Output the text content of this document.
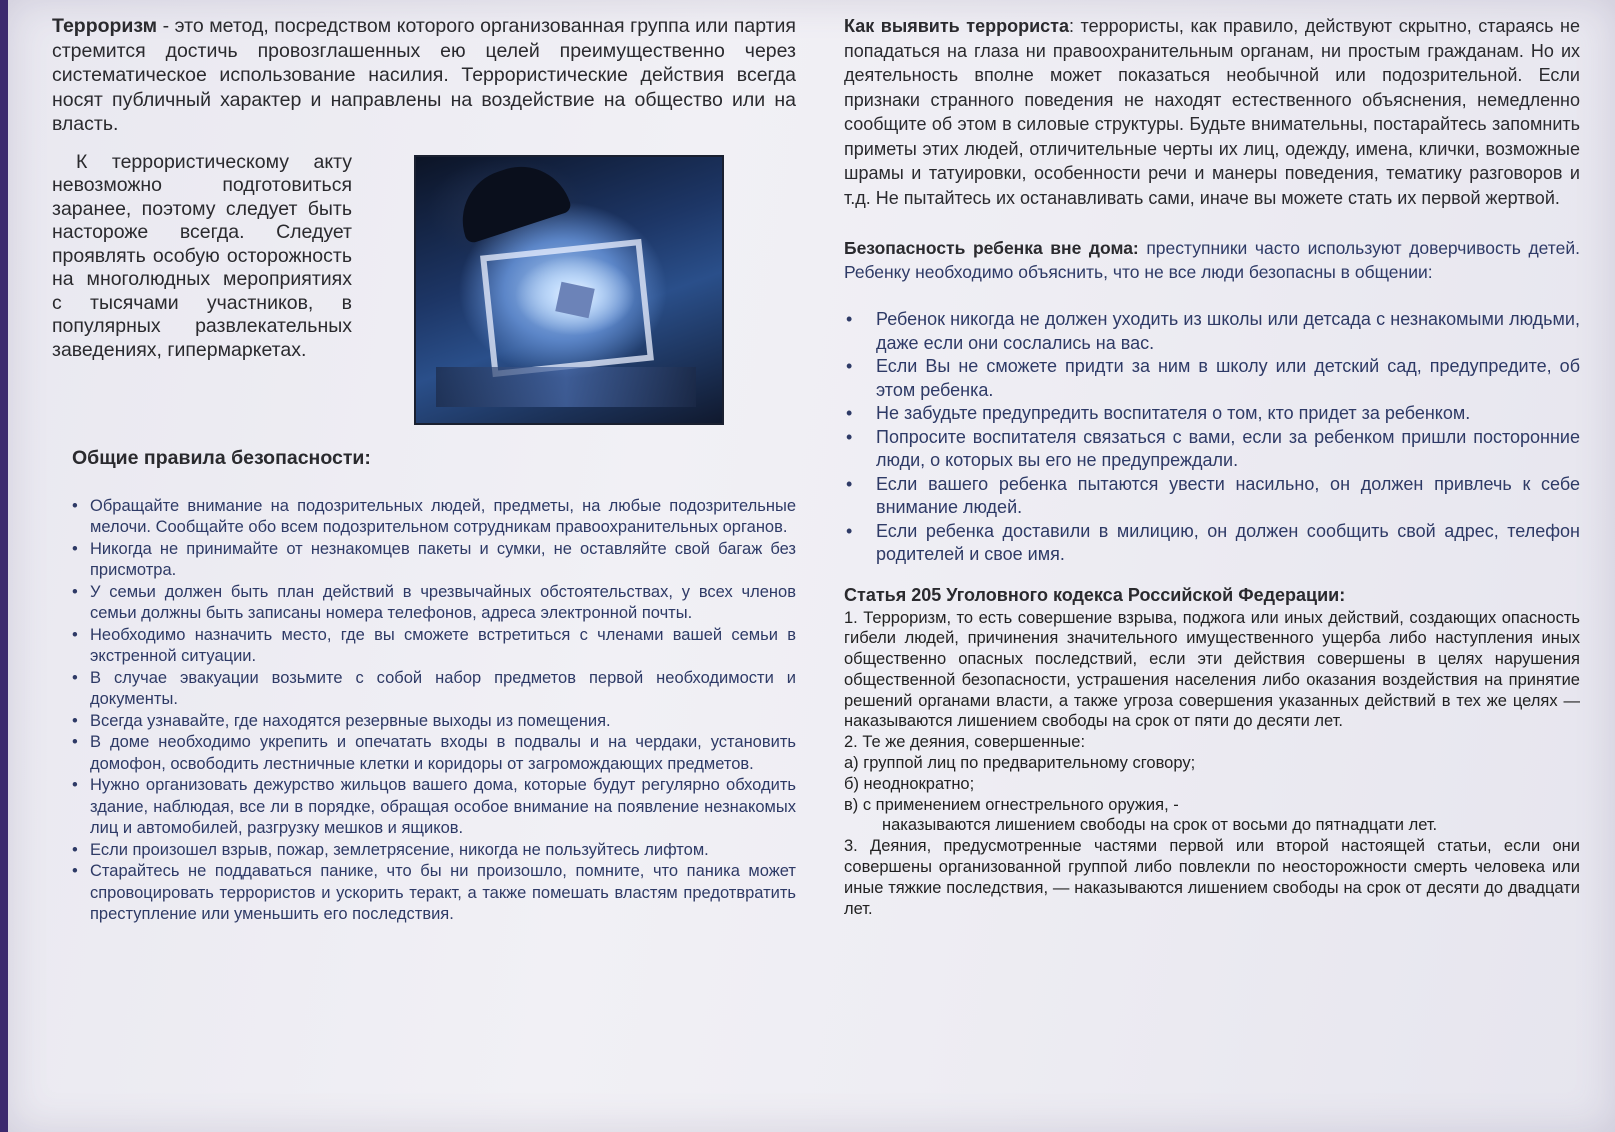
Терроризм - это метод, посредством которого организованная группа или партия стремится достичь провозглашенных ею целей преимущественно через систематическое использование насилия. Террористические действия всегда носят публичный характер и направлены на воздействие на общество или на власть.

К террористическому акту невозможно подготовиться заранее, поэтому следует быть настороже всегда. Следует проявлять особую осторожность на многолюдных мероприятиях с тысячами участников, в популярных развлекательных заведениях, гипермаркетах.

Общие правила безопасности:
• Обращайте внимание на подозрительных людей, предметы, на любые подозрительные мелочи. Сообщайте обо всем подозрительном сотрудникам правоохранительных органов.
• Никогда не принимайте от незнакомцев пакеты и сумки, не оставляйте свой багаж без присмотра.
• У семьи должен быть план действий в чрезвычайных обстоятельствах, у всех членов семьи должны быть записаны номера телефонов, адреса электронной почты.
• Необходимо назначить место, где вы сможете встретиться с членами вашей семьи в экстренной ситуации.
• В случае эвакуации возьмите с собой набор предметов первой необходимости и документы.
• Всегда узнавайте, где находятся резервные выходы из помещения.
• В доме необходимо укрепить и опечатать входы в подвалы и на чердаки, установить домофон, освободить лестничные клетки и коридоры от загромождающих предметов.
• Нужно организовать дежурство жильцов вашего дома, которые будут регулярно обходить здание, наблюдая, все ли в порядке, обращая особое внимание на появление незнакомых лиц и автомобилей, разгрузку мешков и ящиков.
• Если произошел взрыв, пожар, землетрясение, никогда не пользуйтесь лифтом.
• Старайтесь не поддаваться панике, что бы ни произошло, помните, что паника может спровоцировать террористов и ускорить теракт, а также помешать властям предотвратить преступление или уменьшить его последствия.

Как выявить террориста: террористы, как правило, действуют скрытно, стараясь не попадаться на глаза ни правоохранительным органам, ни простым гражданам. Но их деятельность вполне может показаться необычной или подозрительной. Если признаки странного поведения не находят естественного объяснения, немедленно сообщите об этом в силовые структуры. Будьте внимательны, постарайтесь запомнить приметы этих людей, отличительные черты их лиц, одежду, имена, клички, возможные шрамы и татуировки, особенности речи и манеры поведения, тематику разговоров и т.д. Не пытайтесь их останавливать сами, иначе вы можете стать их первой жертвой.

Безопасность ребенка вне дома: преступники часто используют доверчивость детей. Ребенку необходимо объяснить, что не все люди безопасны в общении:

• Ребенок никогда не должен уходить из школы или детсада с незнакомыми людьми, даже если они сослались на вас.
• Если Вы не сможете придти за ним в школу или детский сад, предупредите, об этом ребенка.
• Не забудьте предупредить воспитателя о том, кто придет за ребенком.
• Попросите воспитателя связаться с вами, если за ребенком пришли посторонние люди, о которых вы его не предупреждали.
• Если вашего ребенка пытаются увести насильно, он должен привлечь к себе внимание людей.
• Если ребенка доставили в милицию, он должен сообщить свой адрес, телефон родителей и свое имя.
Статья 205 Уголовного кодекса Российской Федерации:

1. Терроризм, то есть совершение взрыва, поджога или иных действий, создающих опасность гибели людей, причинения значительного имущественного ущерба либо наступления иных общественно опасных последствий, если эти действия совершены в целях нарушения общественной безопасности, устрашения населения либо оказания воздействия на принятие решений органами власти, а также угроза совершения указанных действий в тех же целях — наказываются лишением свободы на срок от пяти до десяти лет.

2. Те же деяния, совершенные:

а) группой лиц по предварительному сговору;

б) неоднократно;

в) с применением огнестрельного оружия, -

наказываются лишением свободы на срок от восьми до пятнадцати лет.

3. Деяния, предусмотренные частями первой или второй настоящей статьи, если они совершены организованной группой либо повлекли по неосторожности смерть человека или иные тяжкие последствия, — наказываются лишением свободы на срок от десяти до двадцати лет.
